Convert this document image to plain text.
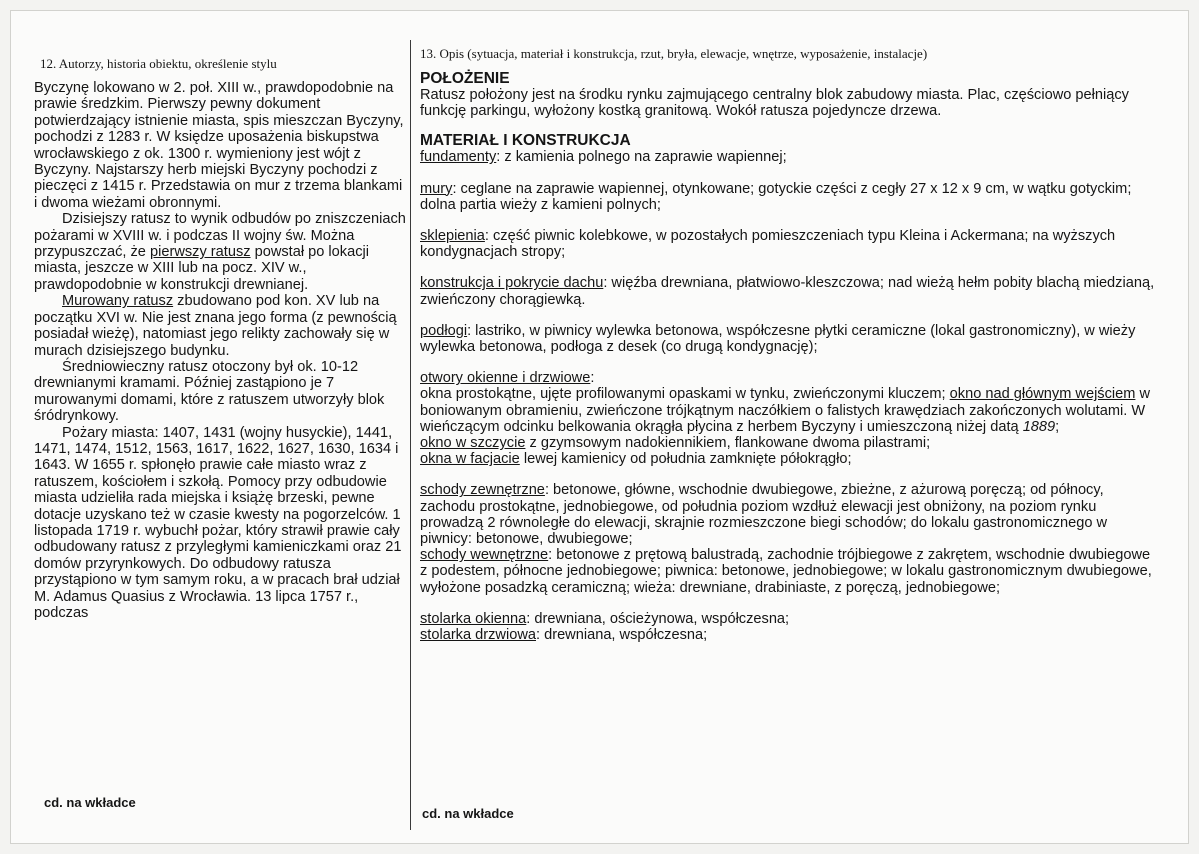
12. Autorzy, historia obiektu, określenie stylu

Byczynę lokowano w 2. poł. XIII w., prawdopodobnie na prawie średzkim. Pierwszy pewny dokument potwierdzający istnienie miasta, spis mieszczan Byczyny, pochodzi z 1283 r. W księdze uposażenia biskupstwa wrocławskiego z ok. 1300 r. wymieniony jest wójt z Byczyny. Najstarszy herb miejski Byczyny pochodzi z pieczęci z 1415 r. Przedstawia on mur z trzema blankami i dwoma wieżami obronnymi.

Dzisiejszy ratusz to wynik odbudów po zniszczeniach pożarami w XVIII w. i podczas II wojny św. Można przypuszczać, że pierwszy ratusz powstał po lokacji miasta, jeszcze w XIII lub na pocz. XIV w., prawdopodobnie w konstrukcji drewnianej.

Murowany ratusz zbudowano pod kon. XV lub na początku XVI w. Nie jest znana jego forma (z pewnością posiadał wieżę), natomiast jego relikty zachowały się w murach dzisiejszego budynku.

Średniowieczny ratusz otoczony był ok. 10-12 drewnianymi kramami. Później zastąpiono je 7 murowanymi domami, które z ratuszem utworzyły blok śródrynkowy.

Pożary miasta: 1407, 1431 (wojny husyckie), 1441, 1471, 1474, 1512, 1563, 1617, 1622, 1627, 1630, 1634 i 1643. W 1655 r. spłonęło prawie całe miasto wraz z ratuszem, kościołem i szkołą. Pomocy przy odbudowie miasta udzieliła rada miejska i książę brzeski, pewne dotacje uzyskano też w czasie kwesty na pogorzelców. 1 listopada 1719 r. wybuchł pożar, który strawił prawie cały odbudowany ratusz z przyległymi kamieniczkami oraz 21 domów przyrynkowych. Do odbudowy ratusza przystąpiono w tym samym roku, a w pracach brał udział M. Adamus Quasius z Wrocławia. 13 lipca 1757 r., podczas

cd. na wkładce

13. Opis (sytuacja, materiał i konstrukcja, rzut, bryła, elewacje, wnętrze, wyposażenie, instalacje)

POŁOŻENIE

Ratusz położony jest na środku rynku zajmującego centralny blok zabudowy miasta. Plac, częściowo pełniący funkcję parkingu, wyłożony kostką granitową. Wokół ratusza pojedyncze drzewa.

MATERIAŁ I KONSTRUKCJA

fundamenty: z kamienia polnego na zaprawie wapiennej;

mury: ceglane na zaprawie wapiennej, otynkowane; gotyckie części z cegły 27 x 12 x 9 cm, w wątku gotyckim; dolna partia wieży z kamieni polnych;

sklepienia: część piwnic kolebkowe, w pozostałych pomieszczeniach typu Kleina i Ackermana; na wyższych kondygnacjach stropy;

konstrukcja i pokrycie dachu: więźba drewniana, płatwiowo-kleszczowa; nad wieżą hełm pobity blachą miedzianą, zwieńczony chorągiewką.

podłogi: lastriko, w piwnicy wylewka betonowa, współczesne płytki ceramiczne (lokal gastronomiczny), w wieży wylewka betonowa, podłoga z desek (co drugą kondygnację);

otwory okienne i drzwiowe:

okna prostokątne, ujęte profilowanymi opaskami w tynku, zwieńczonymi kluczem; okno nad głównym wejściem w boniowanym obramieniu, zwieńczone trójkątnym naczółkiem o falistych krawędziach zakończonych wolutami. W wieńczącym odcinku belkowania okrągła płycina z herbem Byczyny i umieszczoną niżej datą 1889;

okno w szczycie z gzymsowym nadokiennikiem, flankowane dwoma pilastrami;

okna w facjacie lewej kamienicy od południa zamknięte półokrągło;

schody zewnętrzne: betonowe, główne, wschodnie dwubiegowe, zbieżne, z ażurową poręczą; od północy, zachodu prostokątne, jednobiegowe, od południa poziom wzdłuż elewacji jest obniżony, na poziom rynku prowadzą 2 równoległe do elewacji, skrajnie rozmieszczone biegi schodów; do lokalu gastronomicznego w piwnicy: betonowe, dwubiegowe;

schody wewnętrzne: betonowe z prętową balustradą, zachodnie trójbiegowe z zakrętem, wschodnie dwubiegowe z podestem, północne jednobiegowe; piwnica: betonowe, jednobiegowe; w lokalu gastronomicznym dwubiegowe, wyłożone posadzką ceramiczną; wieża: drewniane, drabiniaste, z poręczą, jednobiegowe;

stolarka okienna: drewniana, ościeżynowa, współczesna;

stolarka drzwiowa: drewniana, współczesna;

cd. na wkładce
